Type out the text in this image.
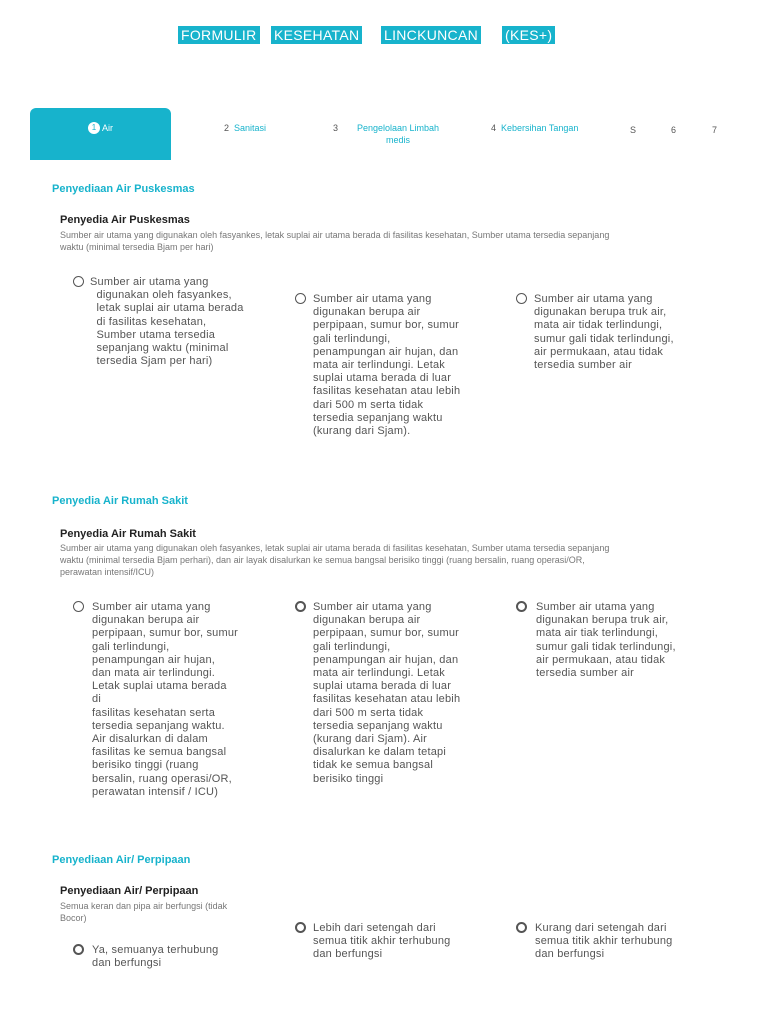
FORMULIR KESEHATAN LINCKUNCAN (KES+)
1 Air	2 Sanitasi	3	Pengelolaan Limbah
medis
4 Kebersihan Tangan	S	6	7
Penyediaan Air Puskesmas
Penyedia Air Puskesmas
Sumber air utama yang digunakan oleh fasyankes, letak suplai air utama berada di fasilitas kesehatan, Sumber utama tersedia sepanjang
waktu (minimal tersedia Bjam per hari)
Sumber air utama yang
digunakan oleh fasyankes,
letak suplai air utama berada
di fasilitas kesehatan,
Sumber utama tersedia
sepanjang waktu (minimal
tersedia Sjam per hari)
Sumber air utama yang
digunakan berupa air
perpipaan, sumur bor, sumur
gali terlindungi,
penampungan air hujan, dan
mata air terlindungi. Letak
suplai utama berada di luar
fasilitas kesehatan atau lebih
dari 500 m serta tidak
tersedia sepanjang waktu
(kurang dari Sjam).
Sumber air utama yang
digunakan berupa truk air,
mata air tidak terlindungi,
sumur gali tidak terlindungi,
air permukaan, atau tidak
tersedia sumber air
Penyedia Air Rumah Sakit
Penyedia Air Rumah Sakit
Sumber air utama yang digunakan oleh fasyankes, letak suplai air utama berada di fasilitas kesehatan, Sumber utama tersedia sepanjang
waktu (minimal tersedia Bjam perhari), dan air layak disalurkan ke semua bangsal berisiko tinggi (ruang bersalin, ruang operasi/OR,
perawatan intensif/ICU)
Sumber air utama yang
digunakan berupa air
perpipaan, sumur bor, sumur
gali terlindungi,
penampungan air hujan,
dan mata air terlindungi.
Letak suplai utama berada
di
fasilitas kesehatan serta
tersedia sepanjang waktu.
Air disalurkan di dalam
fasilitas ke semua bangsal
berisiko tinggi (ruang
bersalin, ruang operasi/OR,
perawatan intensif / ICU)
Sumber air utama yang
digunakan berupa air
perpipaan, sumur bor, sumur
gali terlindungi,
penampungan air hujan, dan
mata air terlindungi. Letak
suplai utama berada di luar
fasilitas kesehatan atau lebih
dari 500 m serta tidak
tersedia sepanjang waktu
(kurang dari Sjam). Air
disalurkan ke dalam tetapi
tidak ke semua bangsal
berisiko tinggi
Sumber air utama yang
digunakan berupa truk air,
mata air tiak terlindungi,
sumur gali tidak terlindungi,
air permukaan, atau tidak
tersedia sumber air
Penyediaan Air/ Perpipaan
Penyediaan Air/ Perpipaan
Semua keran dan pipa air berfungsi (tidak
Bocor)
Ya, semuanya terhubung
dan berfungsi
Lebih dari setengah dari
semua titik akhir terhubung
dan berfungsi
Kurang dari setengah dari
semua titik akhir terhubung
dan berfungsi
